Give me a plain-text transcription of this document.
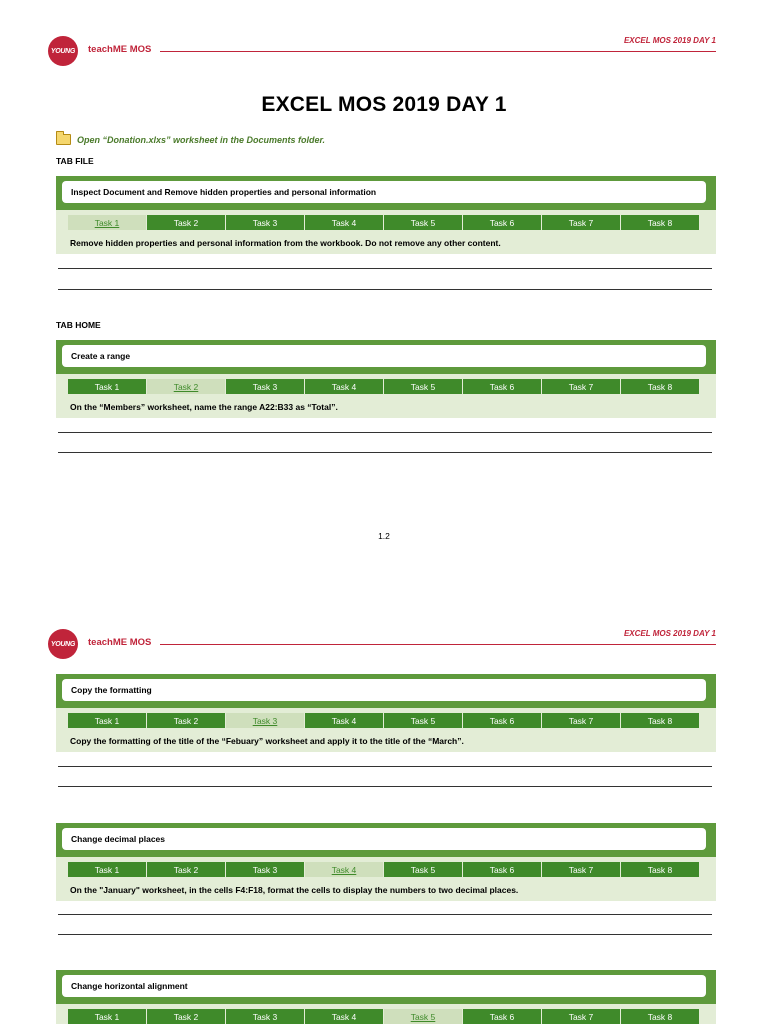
YOUNG	teachME MOS
EXCEL MOS 2019 DAY 1
EXCEL MOS 2019 DAY 1
Open “Donation.xlxs” worksheet in the Documents folder.
TAB FILE
Inspect Document and Remove hidden properties and personal information
Task 1	Task 2	Task 3	Task 4	Task 5	Task 6	Task 7	Task 8
Remove hidden properties and personal information from the workbook. Do not remove any other content.
TAB HOME
Create a range
Task 1	Task 2	Task 3	Task 4	Task 5	Task 6	Task 7	Task 8
On the “Members” worksheet, name the range A22:B33 as “Total”.
1.2
YOUNG	teachME MOS
EXCEL MOS 2019 DAY 1
Copy the formatting
Task 1	Task 2	Task 3	Task 4	Task 5	Task 6	Task 7	Task 8
Copy the formatting of the title of the “Febuary” worksheet and apply it to the title of the “March”.
Change decimal places
Task 1	Task 2	Task 3	Task 4	Task 5	Task 6	Task 7	Task 8
On the "January" worksheet, in the cells F4:F18, format the cells to display the numbers to two decimal places.
Change horizontal alignment
Task 1	Task 2	Task 3	Task 4	Task 5	Task 6	Task 7	Task 8
